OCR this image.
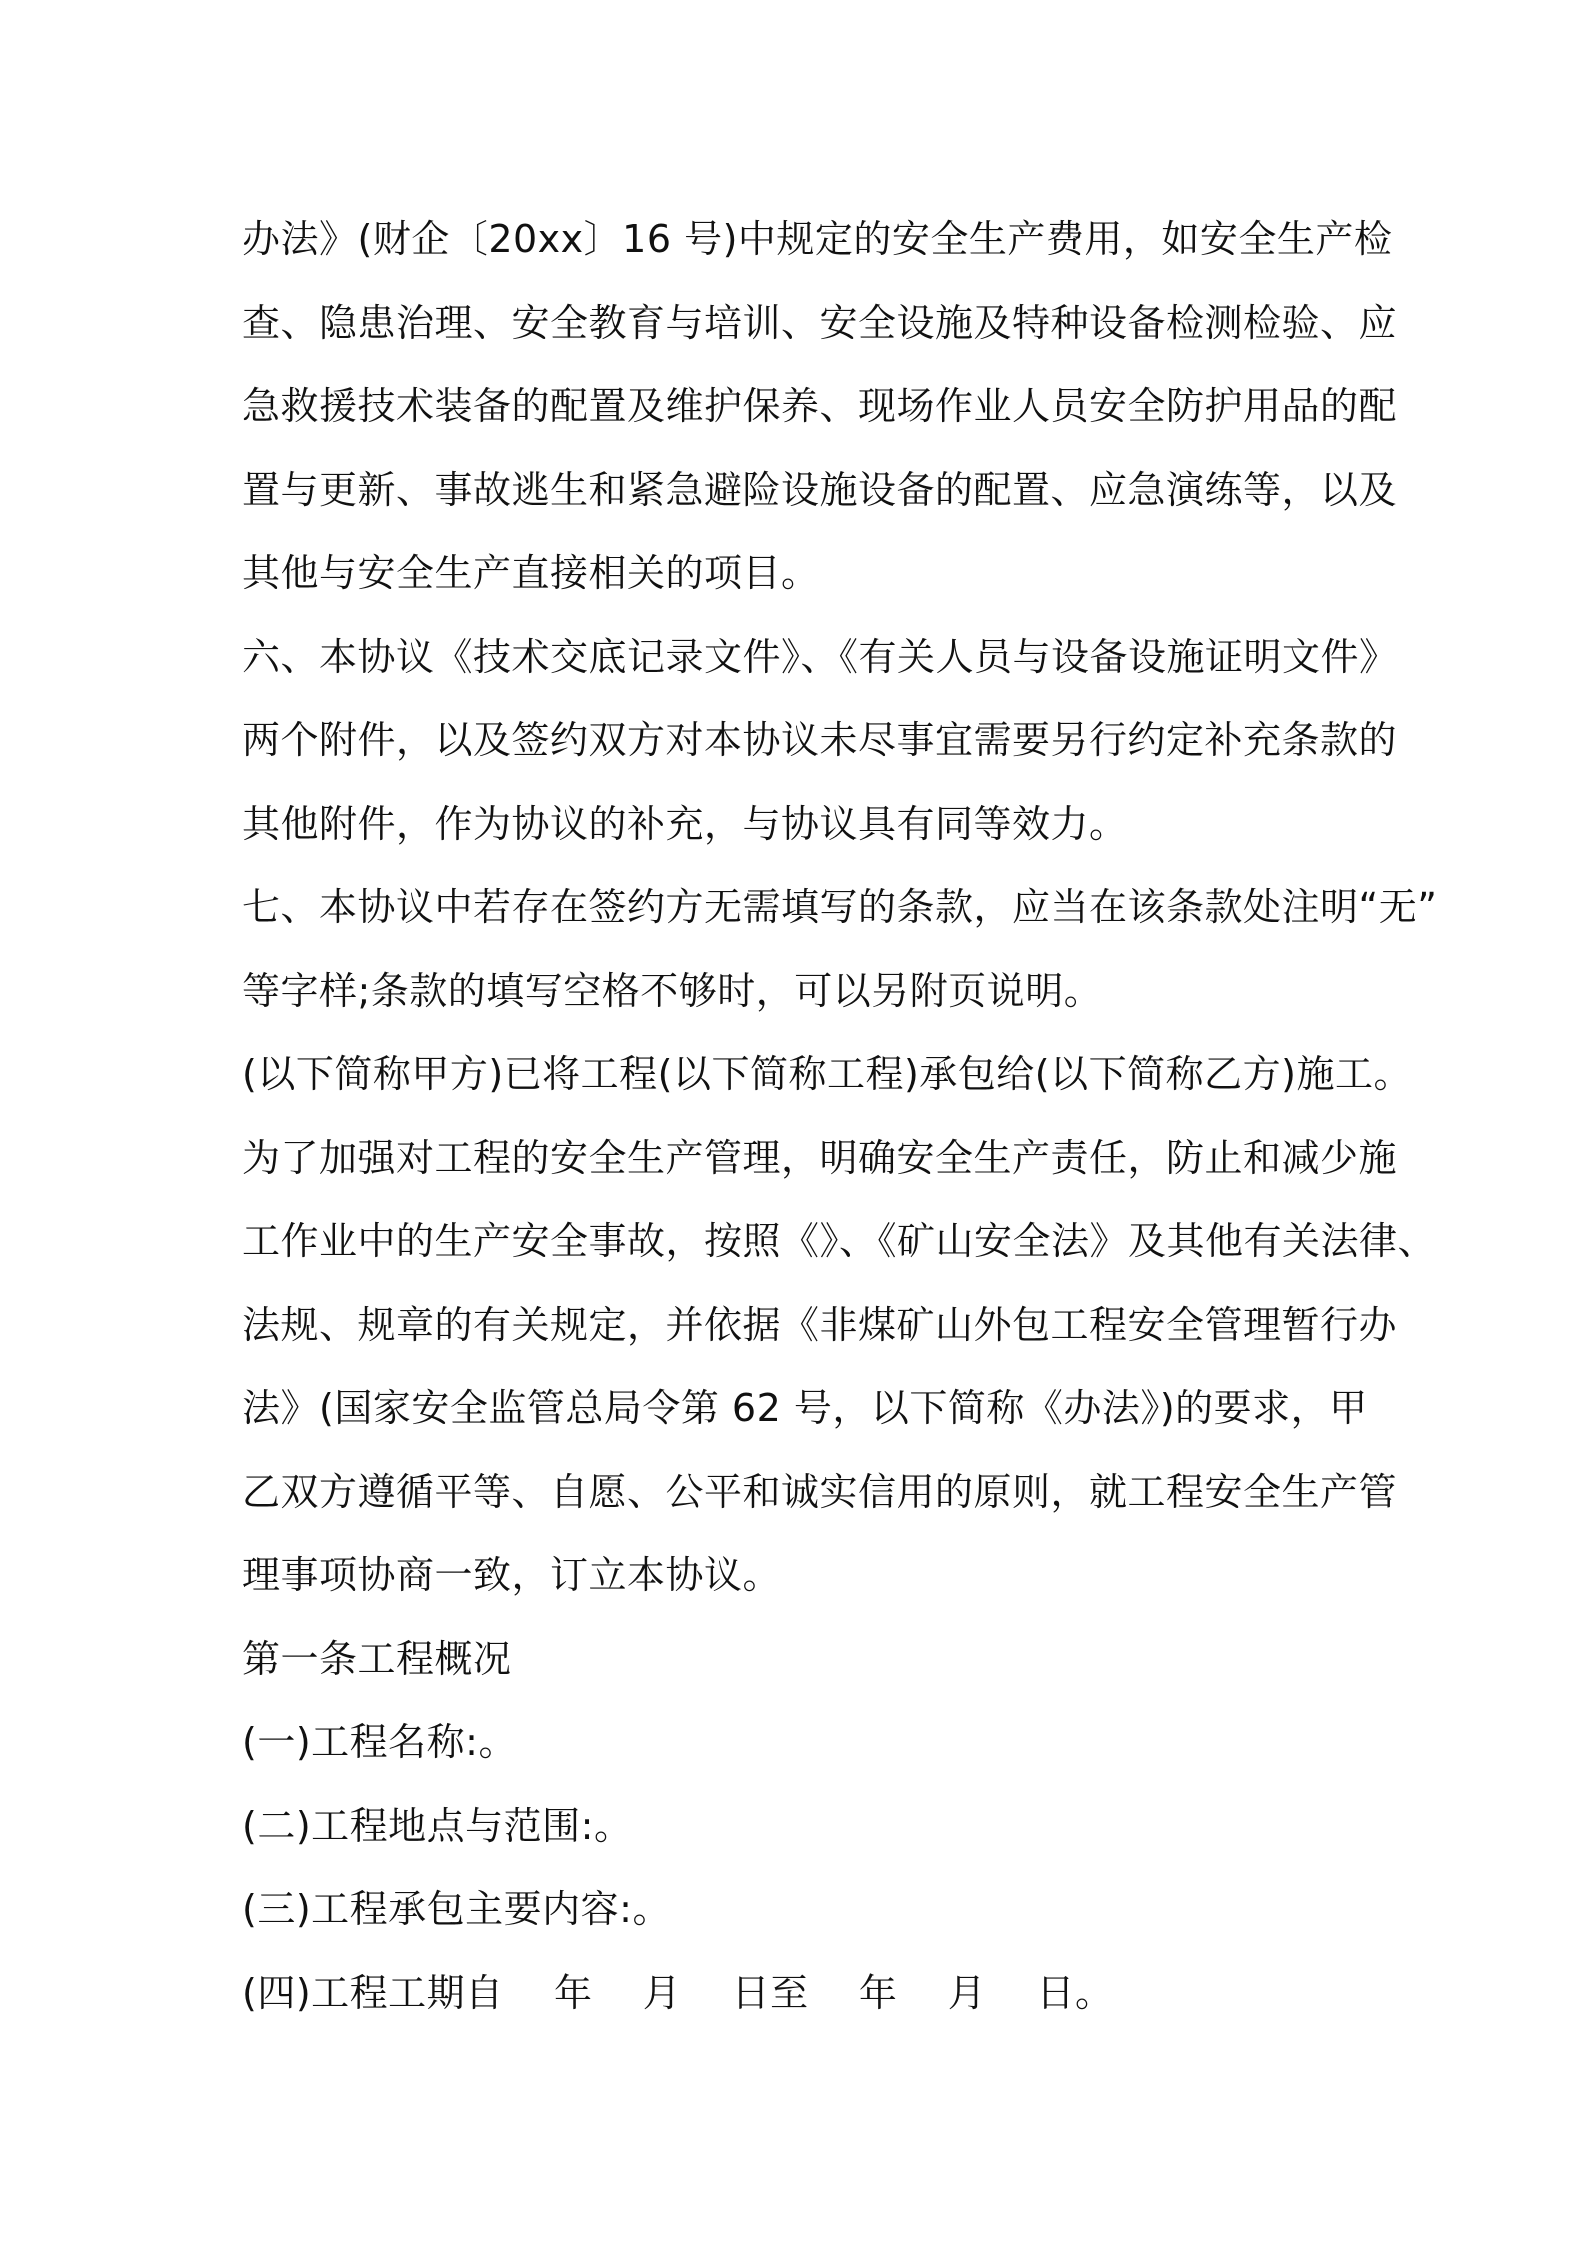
办法》(财企〔20xx〕16 号)中规定的安全生产费用，如安全生产检
查、隐患治理、安全教育与培训、安全设施及特种设备检测检验、应
急救援技术装备的配置及维护保养、现场作业人员安全防护用品的配
置与更新、事故逃生和紧急避险设施设备的配置、应急演练等，以及
其他与安全生产直接相关的项目。
六、本协议《技术交底记录文件》、《有关人员与设备设施证明文件》
两个附件，以及签约双方对本协议未尽事宜需要另行约定补充条款的
其他附件，作为协议的补充，与协议具有同等效力。
七、本协议中若存在签约方无需填写的条款，应当在该条款处注明“无”
等字样;条款的填写空格不够时，可以另附页说明。
(以下简称甲方)已将工程(以下简称工程)承包给(以下简称乙方)施工。
为了加强对工程的安全生产管理，明确安全生产责任，防止和减少施
工作业中的生产安全事故，按照《》、《矿山安全法》及其他有关法律、
法规、规章的有关规定，并依据《非煤矿山外包工程安全管理暂行办
法》(国家安全监管总局令第 62 号，以下简称《办法》)的要求，甲
乙双方遵循平等、自愿、公平和诚实信用的原则，就工程安全生产管
理事项协商一致，订立本协议。
第一条工程概况
(一)工程名称:。
(二)工程地点与范围:。
(三)工程承包主要内容:。
(四)工程工期自    年    月    日至    年    月    日。
